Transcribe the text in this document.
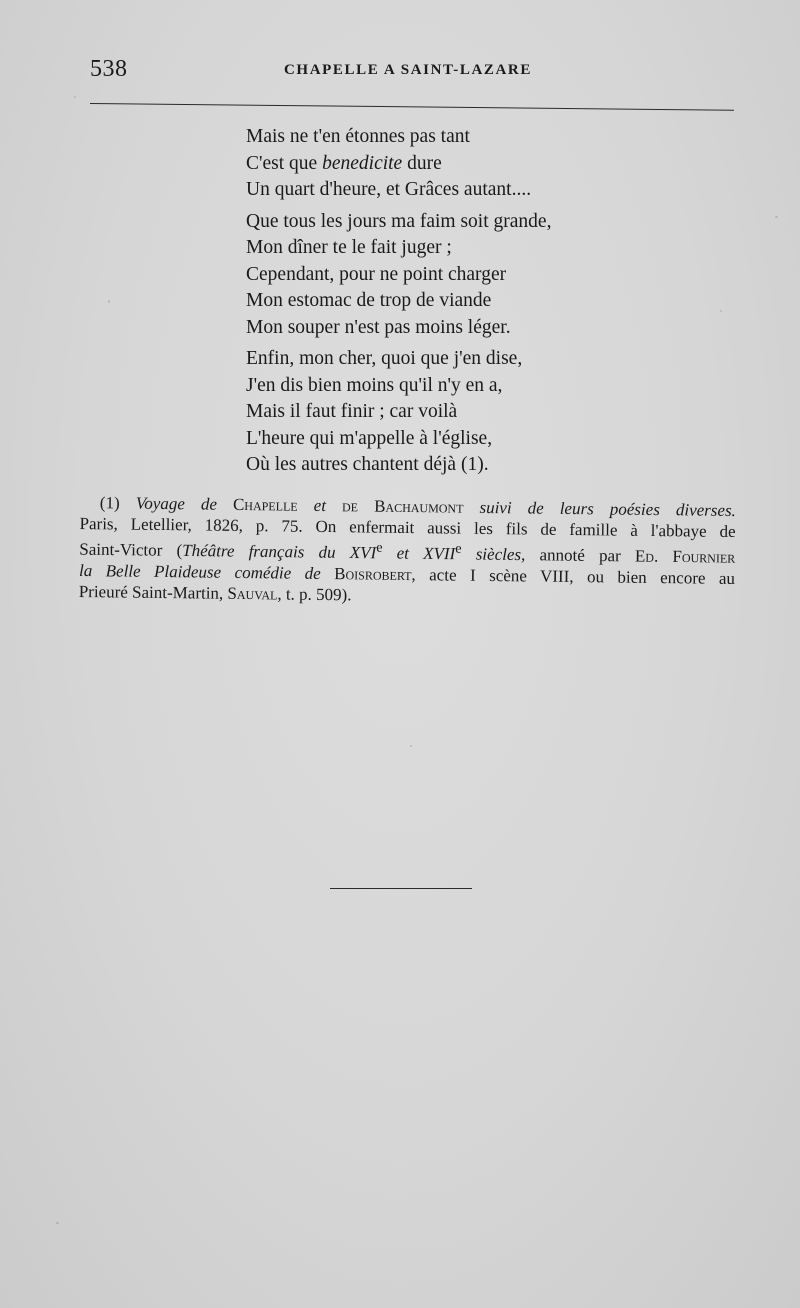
538	CHAPELLE A SAINT-LAZARE
Mais ne t'en étonnes pas tant
C'est que benedicite dure
Un quart d'heure, et Grâces autant....
Que tous les jours ma faim soit grande,
Mon dîner te le fait juger ;
Cependant, pour ne point charger
Mon estomac de trop de viande
Mon souper n'est pas moins léger.
Enfin, mon cher, quoi que j'en dise,
J'en dis bien moins qu'il n'y en a,
Mais il faut finir ; car voilà
L'heure qui m'appelle à l'église,
Où les autres chantent déjà (1).
(1) Voyage de Chapelle et de Bachaumont suivi de leurs poésies diverses.
Paris, Letellier, 1826, p. 75. On enfermait aussi les fils de famille à l'abbaye de
Saint-Victor (Théâtre français du XVIe et XVIIe siècles, annoté par Ed. Fournier
la Belle Plaideuse comédie de Boisrobert, acte I scène VIII, ou bien encore au
Prieuré Saint-Martin, Sauval, t. p. 509).
